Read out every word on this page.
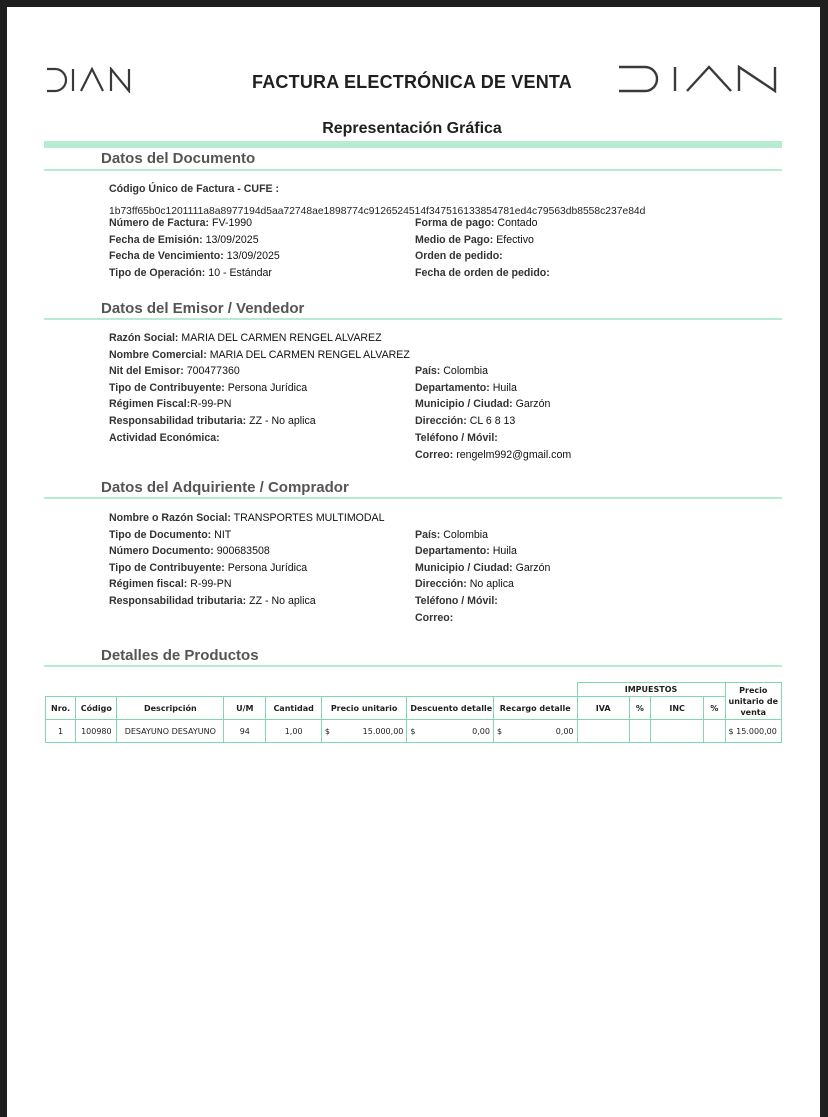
FACTURA ELECTRÓNICA DE VENTA
Representación Gráfica
Datos del Documento
Código Único de Factura - CUFE :
1b73ff65b0c1201111a8a8977194d5aa72748ae1898774c9126524514f347516133854781ed4c79563db8558c237e84d
Número de Factura: FV-1990
Fecha de Emisión: 13/09/2025
Fecha de Vencimiento: 13/09/2025
Tipo de Operación: 10 - Estándar
Forma de pago: Contado
Medio de Pago: Efectivo
Orden de pedido:
Fecha de orden de pedido:
Datos del Emisor / Vendedor
Razón Social: MARIA DEL CARMEN RENGEL ALVAREZ
Nombre Comercial: MARIA DEL CARMEN RENGEL ALVAREZ
Nit del Emisor: 700477360
Tipo de Contribuyente: Persona Jurídica
Régimen Fiscal:R-99-PN
Responsabilidad tributaria: ZZ - No aplica
Actividad Económica:
País: Colombia
Departamento: Huila
Municipio / Ciudad: Garzón
Dirección: CL 6 8 13
Teléfono / Móvil:
Correo: rengelm992@gmail.com
Datos del Adquiriente / Comprador
Nombre o Razón Social: TRANSPORTES MULTIMODAL
Tipo de Documento: NIT
Número Documento: 900683508
Tipo de Contribuyente: Persona Jurídica
Régimen fiscal: R-99-PN
Responsabilidad tributaria: ZZ - No aplica
País: Colombia
Departamento: Huila
Municipio / Ciudad: Garzón
Dirección: No aplica
Teléfono / Móvil:
Correo:
Detalles de Productos
								IMPUESTOS				Precio unitario de venta
Nro.	Código	Descripción	U/M	Cantidad	Precio unitario	Descuento detalle	Recargo detalle	IVA	%	INC	%	
1	100980	DESAYUNO DESAYUNO	94	1,00	$ 15.000,00	$ 0,00	$ 0,00					$ 15.000,00
